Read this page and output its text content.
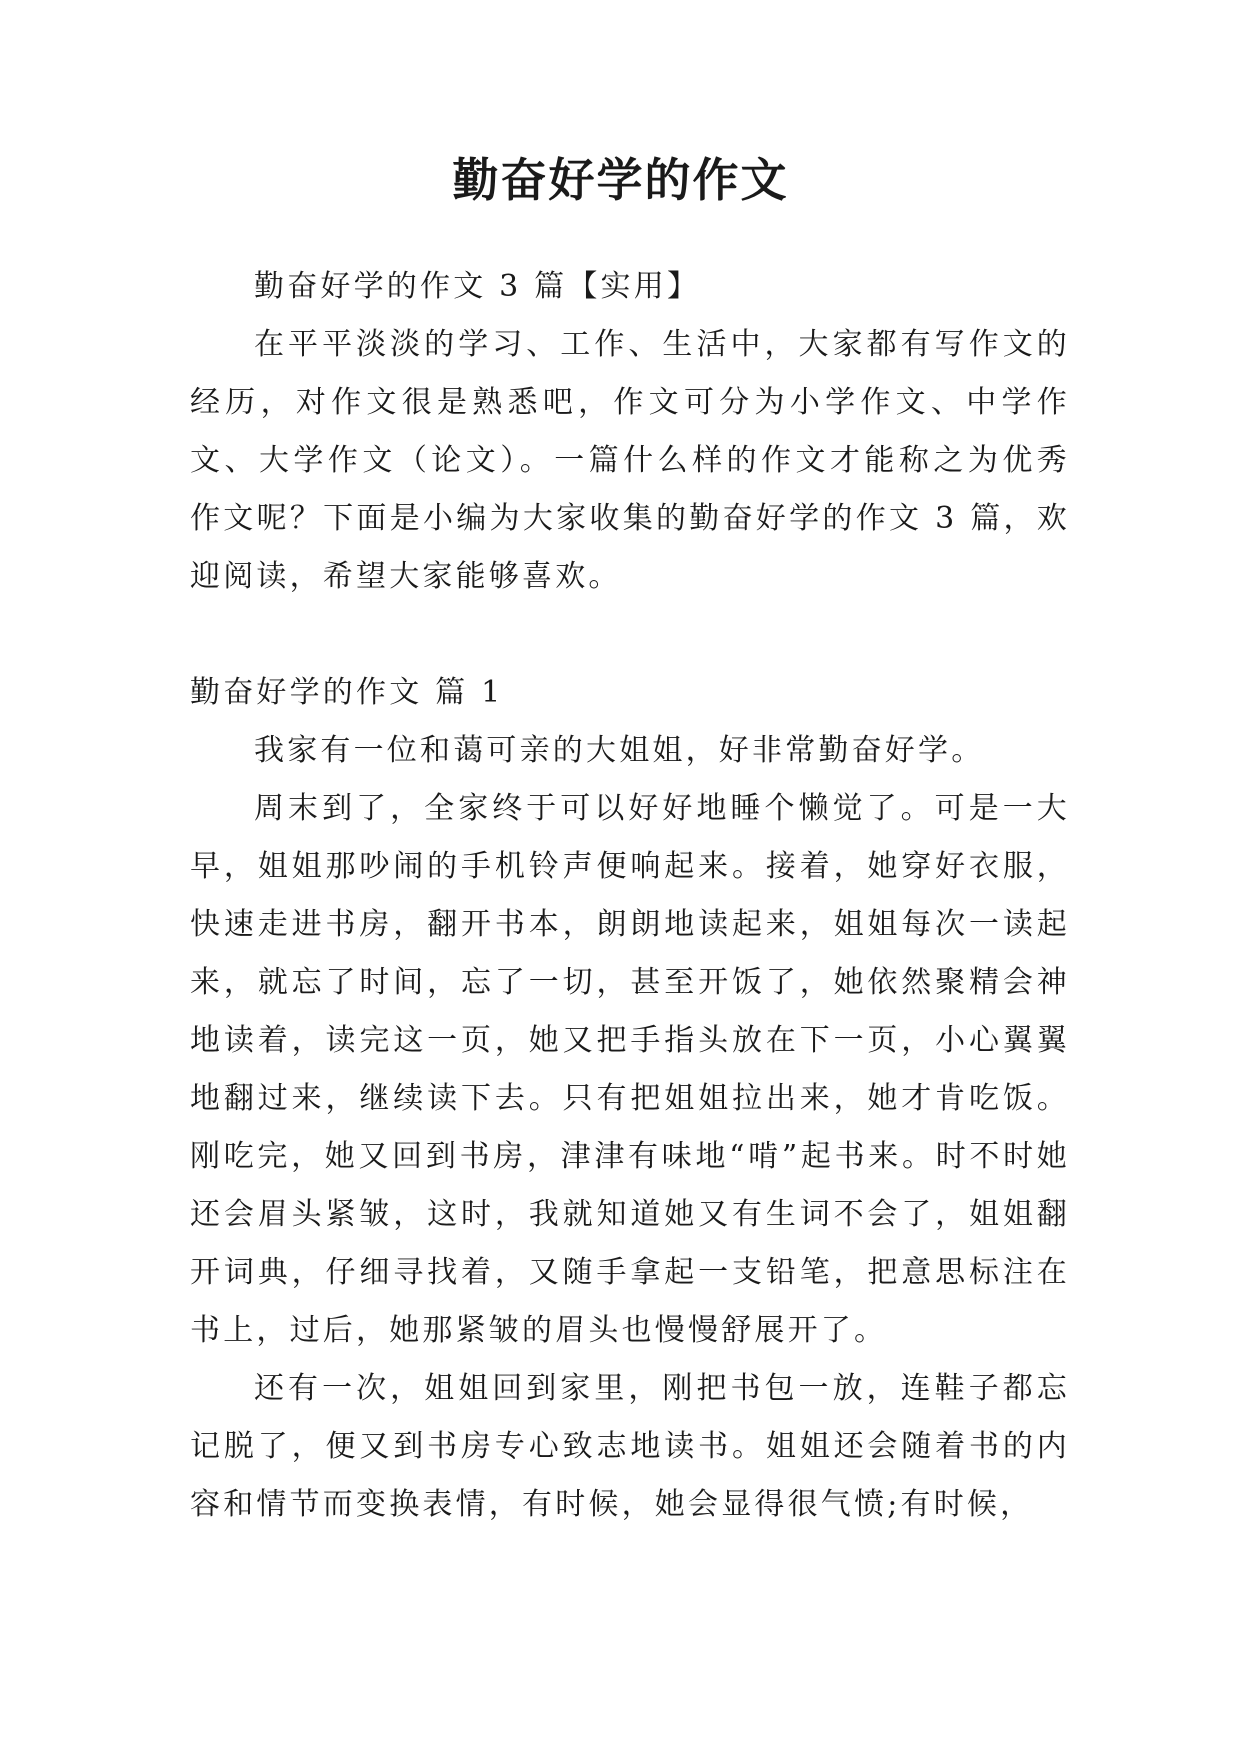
勤奋好学的作文

勤奋好学的作文 3 篇【实用】

在平平淡淡的学习、工作、生活中，大家都有写作文的经历，对作文很是熟悉吧，作文可分为小学作文、中学作文、大学作文（论文）。一篇什么样的作文才能称之为优秀作文呢？下面是小编为大家收集的勤奋好学的作文 3 篇，欢迎阅读，希望大家能够喜欢。

勤奋好学的作文 篇 1

我家有一位和蔼可亲的大姐姐，好非常勤奋好学。

周末到了，全家终于可以好好地睡个懒觉了。可是一大早，姐姐那吵闹的手机铃声便响起来。接着，她穿好衣服，快速走进书房，翻开书本，朗朗地读起来，姐姐每次一读起来，就忘了时间，忘了一切，甚至开饭了，她依然聚精会神地读着，读完这一页，她又把手指头放在下一页，小心翼翼地翻过来，继续读下去。只有把姐姐拉出来，她才肯吃饭。刚吃完，她又回到书房，津津有味地“啃”起书来。时不时她还会眉头紧皱，这时，我就知道她又有生词不会了，姐姐翻开词典，仔细寻找着，又随手拿起一支铅笔，把意思标注在书上，过后，她那紧皱的眉头也慢慢舒展开了。

还有一次，姐姐回到家里，刚把书包一放，连鞋子都忘记脱了，便又到书房专心致志地读书。姐姐还会随着书的内容和情节而变换表情，有时候，她会显得很气愤;有时候，
